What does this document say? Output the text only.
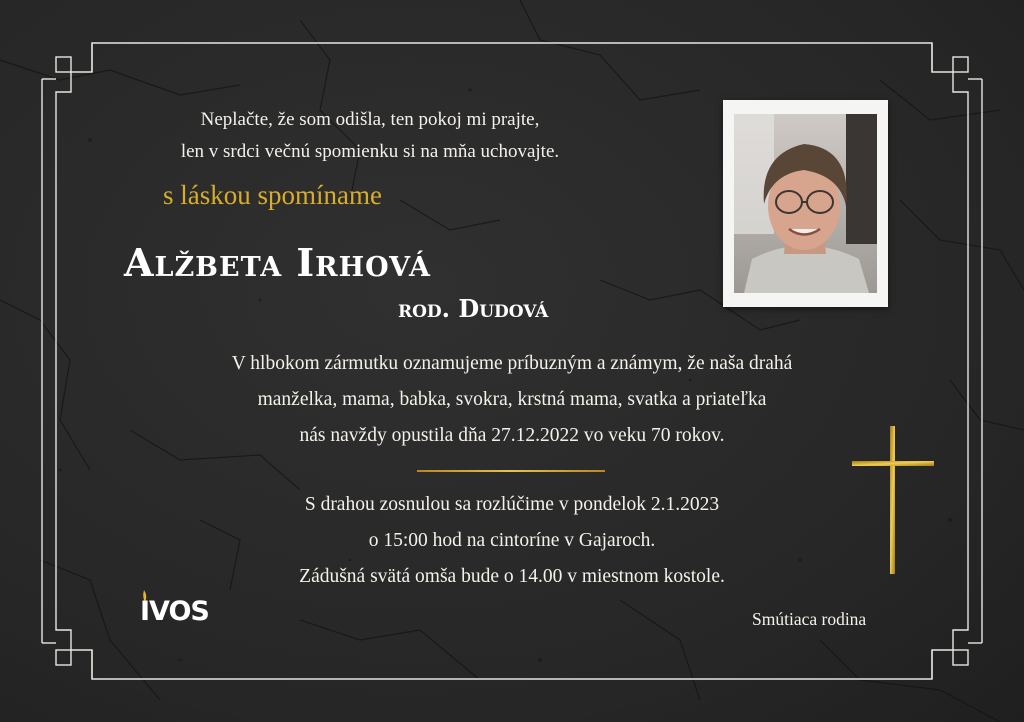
Neplačte, že som odišla, ten pokoj mi prajte,
len v srdci večnú spomienku si na mňa uchovajte.
s láskou spomíname
Alžbeta Irhová
rod. Dudová
V hlbokom zármutku oznamujeme príbuzným a známym, že naša drahá
manželka, mama, babka, svokra, krstná mama, svatka a priateľka
nás navždy opustila dňa 27.12.2022 vo veku 70 rokov.
S drahou zosnulou sa rozlúčime v pondelok 2.1.2023
o 15:00 hod na cintoríne v Gajaroch.
Zádušná svätá omša bude o 14.00 v miestnom kostole.
IVOS	Smútiaca rodina
